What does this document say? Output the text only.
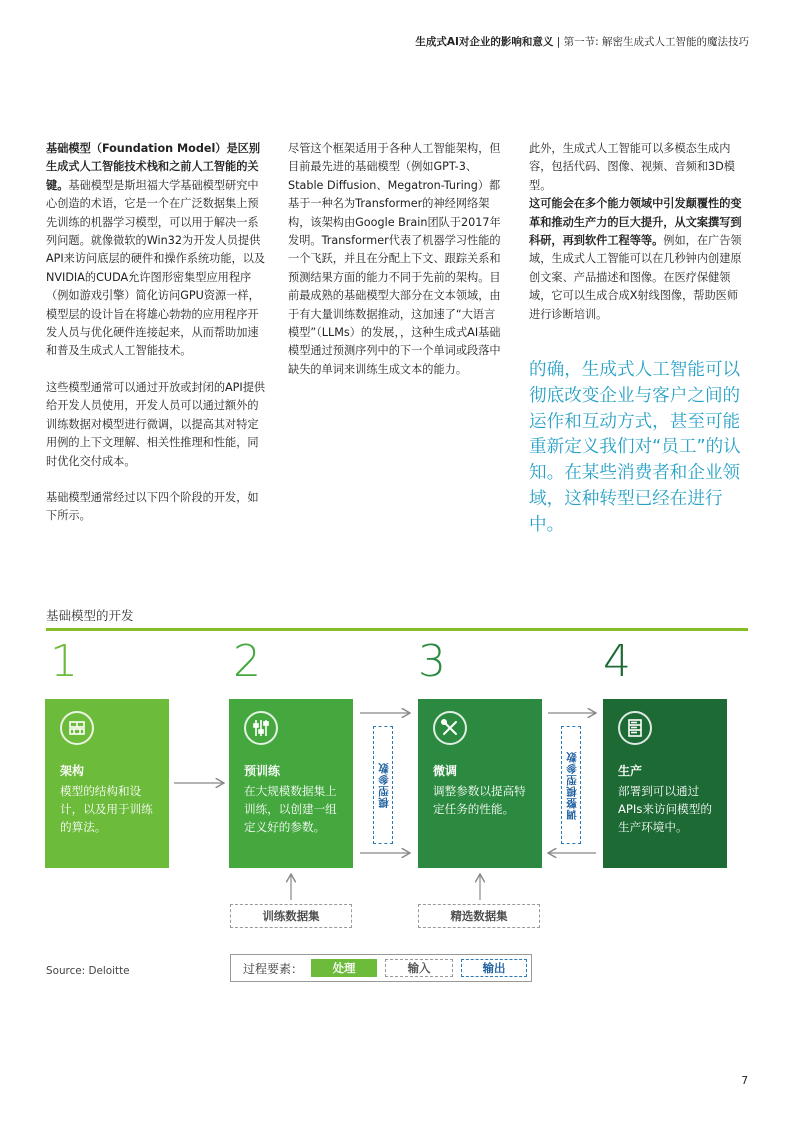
生成式AI对企业的影响和意义 | 第一节: 解密生成式人工智能的魔法技巧

基础模型（Foundation Model）是区别生成式人工智能技术栈和之前人工智能的关键。基础模型是斯坦福大学基础模型研究中心创造的术语，它是一个在广泛数据集上预先训练的机器学习模型，可以用于解决一系列问题。就像微软的Win32为开发人员提供API来访问底层的硬件和操作系统功能，以及NVIDIA的CUDA允许图形密集型应用程序（例如游戏引擎）简化访问GPU资源一样，模型层的设计旨在将雄心勃勃的应用程序开发人员与优化硬件连接起来，从而帮助加速和普及生成式人工智能技术。

这些模型通常可以通过开放或封闭的API提供给开发人员使用，开发人员可以通过额外的训练数据对模型进行微调，以提高其对特定用例的上下文理解、相关性推理和性能，同时优化交付成本。

基础模型通常经过以下四个阶段的开发，如下所示。

尽管这个框架适用于各种人工智能架构，但目前最先进的基础模型（例如GPT-3、Stable Diffusion、Megatron-Turing）都基于一种名为Transformer的神经网络架构，该架构由Google Brain团队于2017年发明。Transformer代表了机器学习性能的一个飞跃，并且在分配上下文、跟踪关系和预测结果方面的能力不同于先前的架构。目前最成熟的基础模型大部分在文本领域，由于有大量训练数据推动，这加速了“大语言模型”（LLMs）的发展，，这种生成式AI基础模型通过预测序列中的下一个单词或段落中缺失的单词来训练生成文本的能力。

此外，生成式人工智能可以多模态生成内容，包括代码、图像、视频、音频和3D模型。

这可能会在多个能力领域中引发颠覆性的变革和推动生产力的巨大提升，从文案撰写到科研，再到软件工程等等。例如，在广告领域，生成式人工智能可以在几秒钟内创建原创文案、产品描述和图像。在医疗保健领域，它可以生成合成X射线图像，帮助医师进行诊断培训。

的确，生成式人工智能可以彻底改变企业与客户之间的运作和互动方式，甚至可能重新定义我们对“员工”的认知。在某些消费者和企业领域，这种转型已经在进行中。
基础模型的开发
1	2	3	4
架构
模型的结构和设计，以及用于训练的算法。
预训练
在大规模数据集上训练，以创建一组定义好的参数。
微调
调整参数以提高特定任务的性能。
生产
部署到可以通过APIs来访问模型的生产环境中。
模型参数	调整模型参数
训练数据集	精选数据集
Source: Deloitte	过程要素：	处理	输入	输出
7
